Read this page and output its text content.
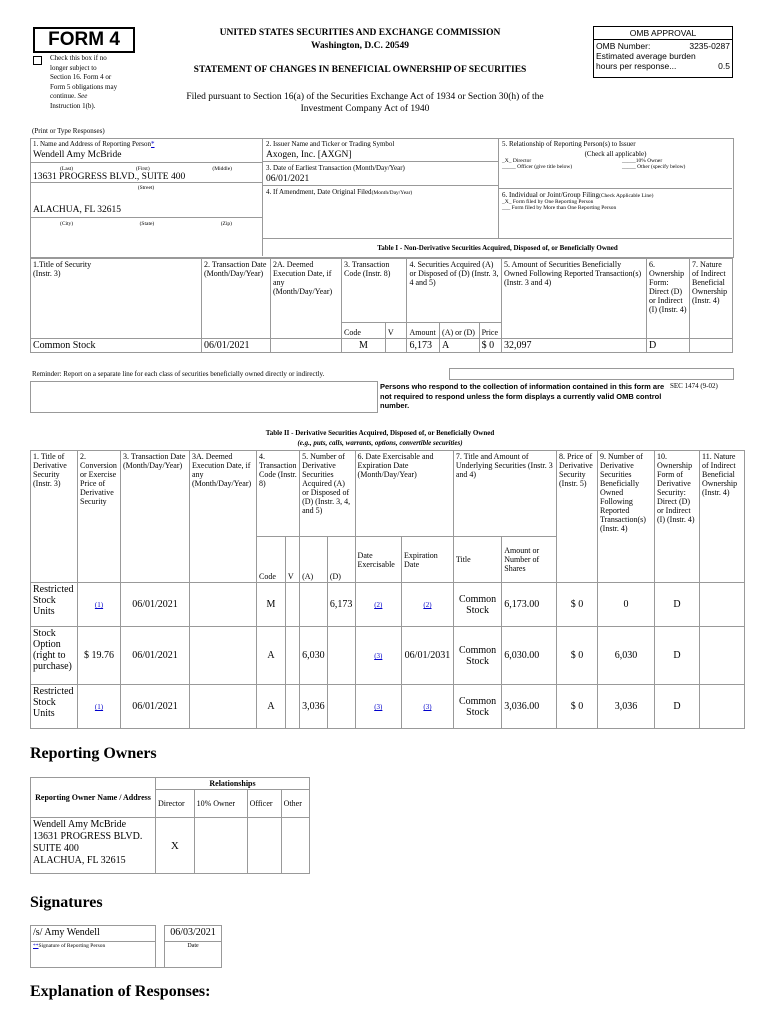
FORM 4
Check this box if no
longer subject to
Section 16. Form 4 or
Form 5 obligations may
continue. See
Instruction 1(b).
UNITED STATES SECURITIES AND EXCHANGE COMMISSION
Washington, D.C. 20549
STATEMENT OF CHANGES IN BENEFICIAL OWNERSHIP OF SECURITIES
Filed pursuant to Section 16(a) of the Securities Exchange Act of 1934 or Section 30(h) of the
Investment Company Act of 1940
OMB APPROVAL
OMB Number:	3235-0287
Estimated average burden
hours per response...	0.5
(Print or Type Responses)
1. Name and Address of Reporting Person*
Wendell Amy McBride
(Last)	(First)	(Middle)
13631 PROGRESS BLVD., SUITE 400
(Street)
ALACHUA, FL 32615
(City)	(State)	(Zip)
2. Issuer Name and Ticker or Trading Symbol
Axogen, Inc. [AXGN]
3. Date of Earliest Transaction (Month/Day/Year)
06/01/2021
4. If Amendment, Date Original Filed(Month/Day/Year)
5. Relationship of Reporting Person(s) to Issuer
(Check all applicable)
_X_ Director	_____10% Owner
_____ Officer (give title below)	_____ Other (specify below)
6. Individual or Joint/Group Filing(Check Applicable Line)
_X_ Form filed by One Reporting Person
___ Form filed by More than One Reporting Person
Table I - Non-Derivative Securities Acquired, Disposed of, or Beneficially Owned
1.Title of Security
(Instr. 3)	2. Transaction Date (Month/Day/Year)	2A. Deemed Execution Date, if any (Month/Day/Year)	3. Transaction Code (Instr. 8)		4. Securities Acquired (A) or Disposed of (D) (Instr. 3, 4 and 5)			5. Amount of Securities Beneficially Owned Following Reported Transaction(s) (Instr. 3 and 4)	6. Ownership Form: Direct (D) or Indirect (I) (Instr. 4)	7. Nature of Indirect Beneficial Ownership (Instr. 4)
			Code	V	Amount	(A) or (D)	Price			
Common Stock	06/01/2021		M		6,173	A	$ 0	32,097	D	
Reminder: Report on a separate line for each class of securities beneficially owned directly or indirectly.
Persons who respond to the collection of information contained in this form are not required to respond unless the form displays a currently valid OMB control number.
SEC 1474 (9-02)
Table II - Derivative Securities Acquired, Disposed of, or Beneficially Owned
(e.g., puts, calls, warrants, options, convertible securities)
1. Title of Derivative Security (Instr. 3)	2. Conversion or Exercise Price of Derivative Security	3. Transaction Date (Month/Day/Year)	3A. Deemed Execution Date, if any (Month/Day/Year)	4. Transaction Code (Instr. 8)		5. Number of Derivative Securities Acquired (A) or Disposed of (D) (Instr. 3, 4, and 5)		6. Date Exercisable and Expiration Date (Month/Day/Year)		7. Title and Amount of Underlying Securities (Instr. 3 and 4)		8. Price of Derivative Security (Instr. 5)	9. Number of Derivative Securities Beneficially Owned Following Reported Transaction(s) (Instr. 4)	10. Ownership Form of Derivative Security: Direct (D) or Indirect (I) (Instr. 4)	11. Nature of Indirect Beneficial Ownership (Instr. 4)
				Code	V	(A)	(D)	Date Exercisable	Expiration Date	Title	Amount or Number of Shares				
Restricted Stock Units	(1)	06/01/2021		M			6,173	(2)	(2)	Common Stock	6,173.00	$ 0	0	D	
Stock Option (right to purchase)	$ 19.76	06/01/2021		A		6,030		(3)	06/01/2031	Common Stock	6,030.00	$ 0	6,030	D	
Restricted Stock Units	(1)	06/01/2021		A		3,036		(3)	(3)	Common Stock	3,036.00	$ 0	3,036	D	
Reporting Owners
Reporting Owner Name / Address	Relationships			
	Director	10% Owner	Officer	Other

Wendell Amy McBride
13631 PROGRESS BLVD.
SUITE 400
ALACHUA, FL 32615	X			
Signatures
/s/ Amy Wendell		06/03/2021
**Signature of Reporting Person		Date
Explanation of Responses:
